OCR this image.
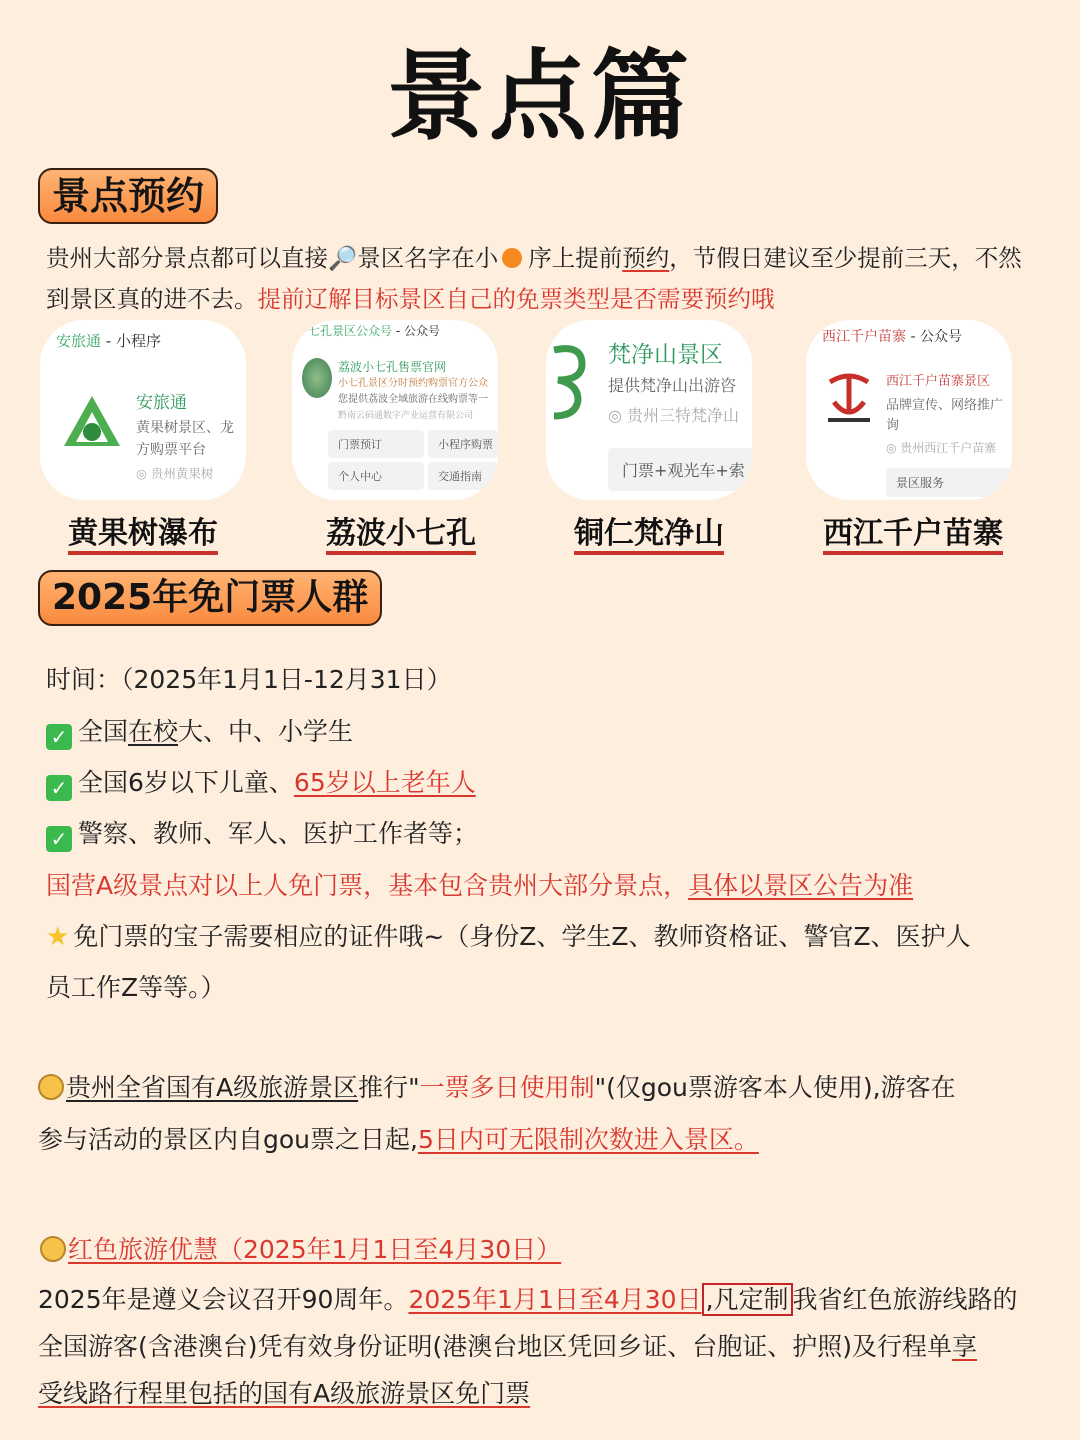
景点篇
景点预约
贵州大部分景点都可以直接🔎景区名字在小 序上提前预约，节假日建议至少提前三天，不然到景区真的进不去。提前辽解目标景区自己的免票类型是否需要预约哦
安旅通 - 小程序
安旅通
黄果树景区、龙
方购票平台
◎ 贵州黄果树
七孔景区公众号 - 公众号
荔波小七孔售票官网
小七孔景区分时预约购票官方公众
您提供荔波全域旅游在线购票等一
黔南云码通数字产业运营有限公司
门票预订	小程序购票 个人中心	交通指南
梵净山景区
提供梵净山出游咨
◎ 贵州三特梵净山
门票+观光车+索
西江千户苗寨 - 公众号
西江千户苗寨景区
品牌宣传、网络推广
询
◎ 贵州西江千户苗寨
景区服务
黄果树瀑布	荔波小七孔	铜仁梵净山	西江千户苗寨
2025年免门票人群
时间：（2025年1月1日-12月31日）
✓ 全国在校大、中、小学生
✓ 全国6岁以下儿童、65岁以上老年人
✓ 警察、教师、军人、医护工作者等；
国营A级景点对以上人免门票，基本包含贵州大部分景点，具体以景区公告为准
★ 免门票的宝子需要相应的证件哦~（身份Z、学生Z、教师资格证、警官Z、医护人
员工作Z等等。）
贵州全省国有A级旅游景区推行"一票多日使用制"(仅gou票游客本人使用),游客在
参与活动的景区内自gou票之日起,5日内可无限制次数进入景区。
红色旅游优慧（2025年1月1日至4月30日）
2025年是遵义会议召开90周年。2025年1月1日至4月30日 ,凡定制 我省红色旅游线路的
全国游客(含港澳台)凭有效身份证明(港澳台地区凭回乡证、台胞证、护照)及行程单享
受线路行程里包括的国有A级旅游景区免门票
